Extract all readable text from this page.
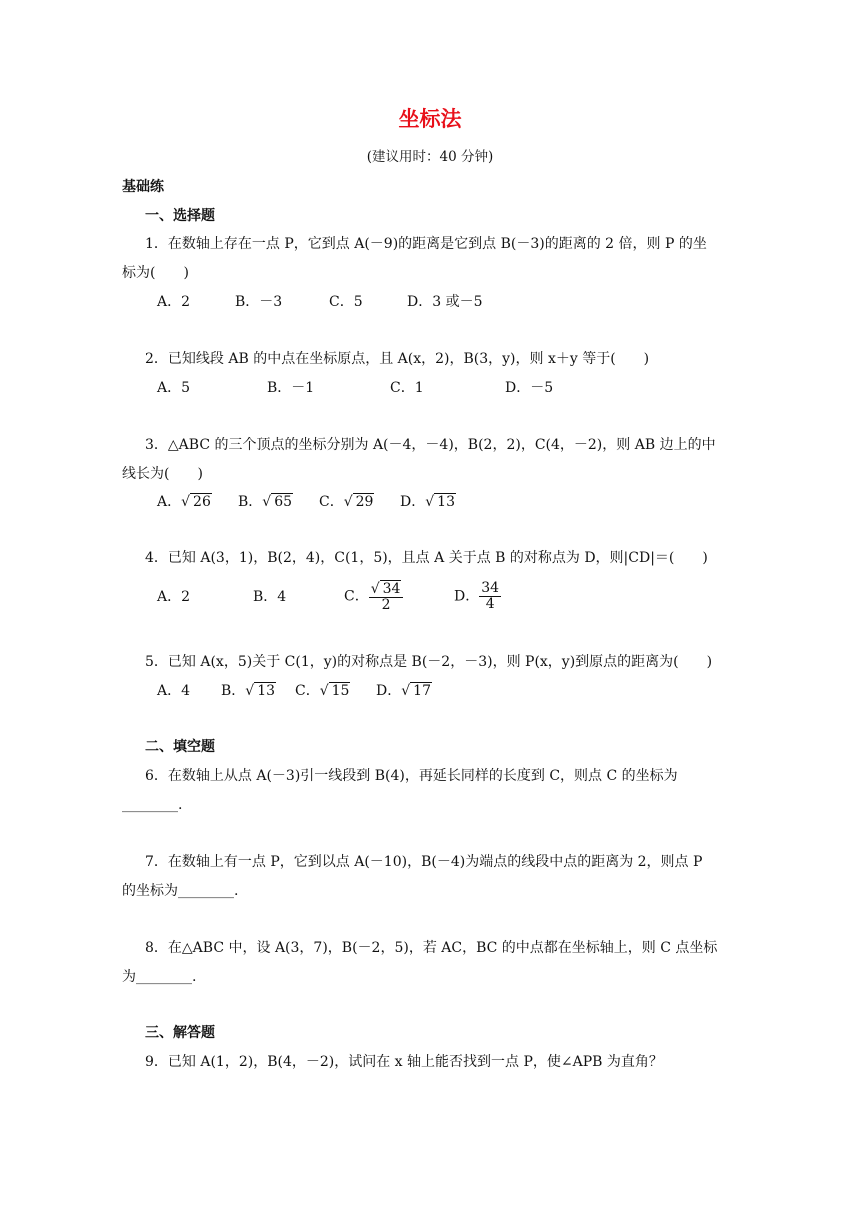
坐标法
(建议用时：40 分钟)
基础练
一、选择题
1．在数轴上存在一点 P，它到点 A(－9)的距离是它到点 B(－3)的距离的 2 倍，则 P 的坐
标为(　　)
A．2	B．－3	C．5	D．3 或－5
2．已知线段 AB 的中点在坐标原点，且 A(x，2)，B(3，y)，则 x＋y 等于(　　)
A．5	B．－1	C．1	D．－5
3．△ABC 的三个顶点的坐标分别为 A(－4，－4)，B(2，2)，C(4，－2)，则 AB 边上的中
线长为(　　)
A．√ 26 B．√ 65 C．√ 29 D．√ 13
4．已知 A(3，1)，B(2，4)，C(1，5)，且点 A 关于点 B 的对称点为 D，则|CD|＝(　　)
A．2	B．4	C． $\frac{√ 34}{2}$	D． $\frac{34}{4}$
5．已知 A(x，5)关于 C(1，y)的对称点是 B(－2，－3)，则 P(x，y)到原点的距离为(　　)
A．4 B．√ 13 C．√ 15 D．√ 17
二、填空题
6．在数轴上从点 A(－3)引一线段到 B(4)，再延长同样的长度到 C，则点 C 的坐标为
________.
7．在数轴上有一点 P，它到以点 A(－10)，B(－4)为端点的线段中点的距离为 2，则点 P
的坐标为________.
8．在△ABC 中，设 A(3，7)，B(－2，5)，若 AC，BC 的中点都在坐标轴上，则 C 点坐标
为________.
三、解答题
9．已知 A(1，2)，B(4，－2)，试问在 x 轴上能否找到一点 P，使∠APB 为直角？
